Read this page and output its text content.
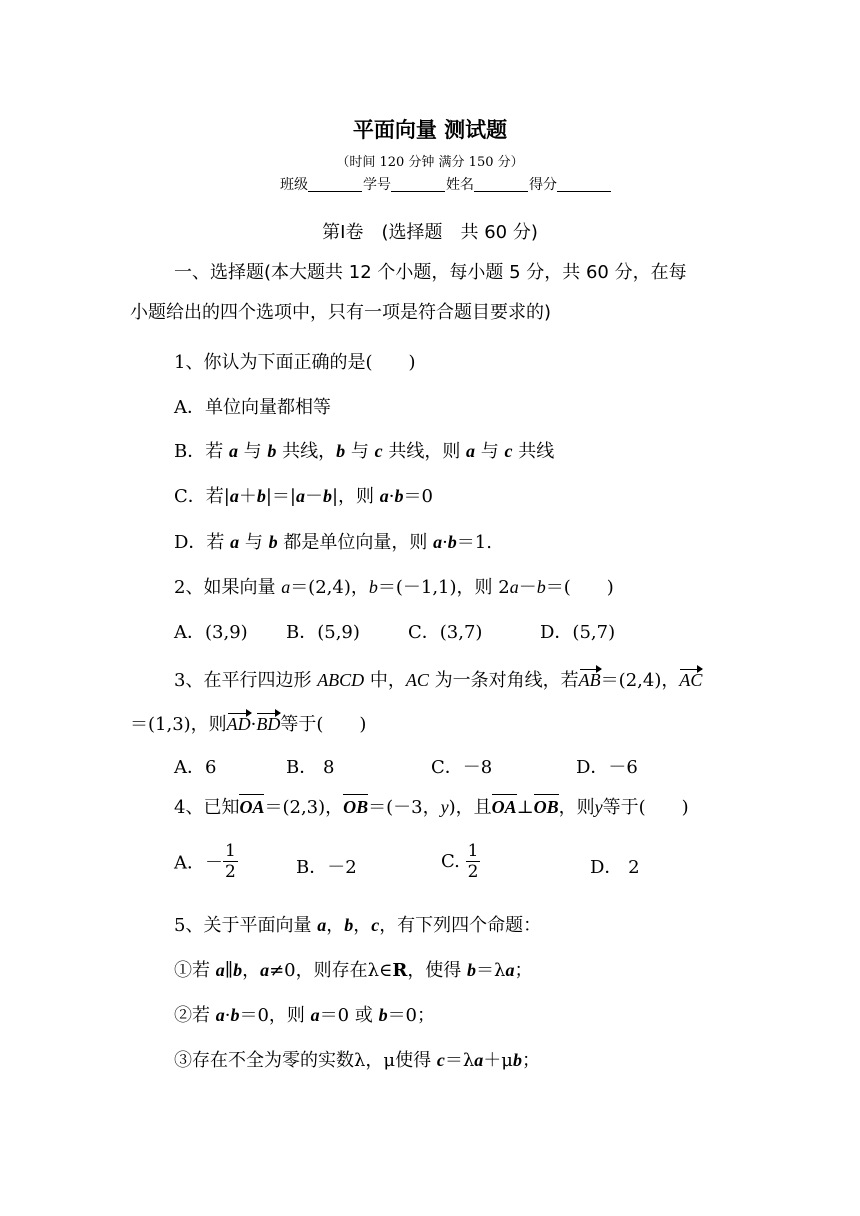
平面向量 测试题
（时间 120 分钟 满分 150 分）
班级	学号	姓名	得分
第Ⅰ卷　(选择题　共 60 分)
一、选择题(本大题共 12 个小题，每小题 5 分，共 60 分，在每
小题给出的四个选项中，只有一项是符合题目要求的)
1、你认为下面正确的是(　　)
A．单位向量都相等
B．若 a 与 b 共线，b 与 c 共线，则 a 与 c 共线
C．若|a＋b|＝|a－b|，则 a·b＝0
D．若 a 与 b 都是单位向量，则 a·b＝1.
2、如果向量 a＝(2,4)，b＝(－1,1)，则 2a－b＝(　　)
A．(3,9) B．(5,9)	C．(3,7)	D．(5,7)
3、在平行四边形 ABCD 中，AC 为一条对角线，若AB＝(2,4)，AC
＝(1,3)，则AD·BD等于(　　)
A．6	B． 8	C．－8	D．－6
4、已知OA＝(2,3)，OB＝(－3，y)，且OA⊥OB，则y等于(　　)
A．－ $\frac{1}{2}$	B．－2	C. $\frac{1}{2}$	D． 2
5、关于平面向量 a，b，c，有下列四个命题：
①若 a∥b，a≠0，则存在λ∈R，使得 b＝λa；
②若 a·b＝0，则 a＝0 或 b＝0；
③存在不全为零的实数λ，μ使得 c＝λa＋μb；
